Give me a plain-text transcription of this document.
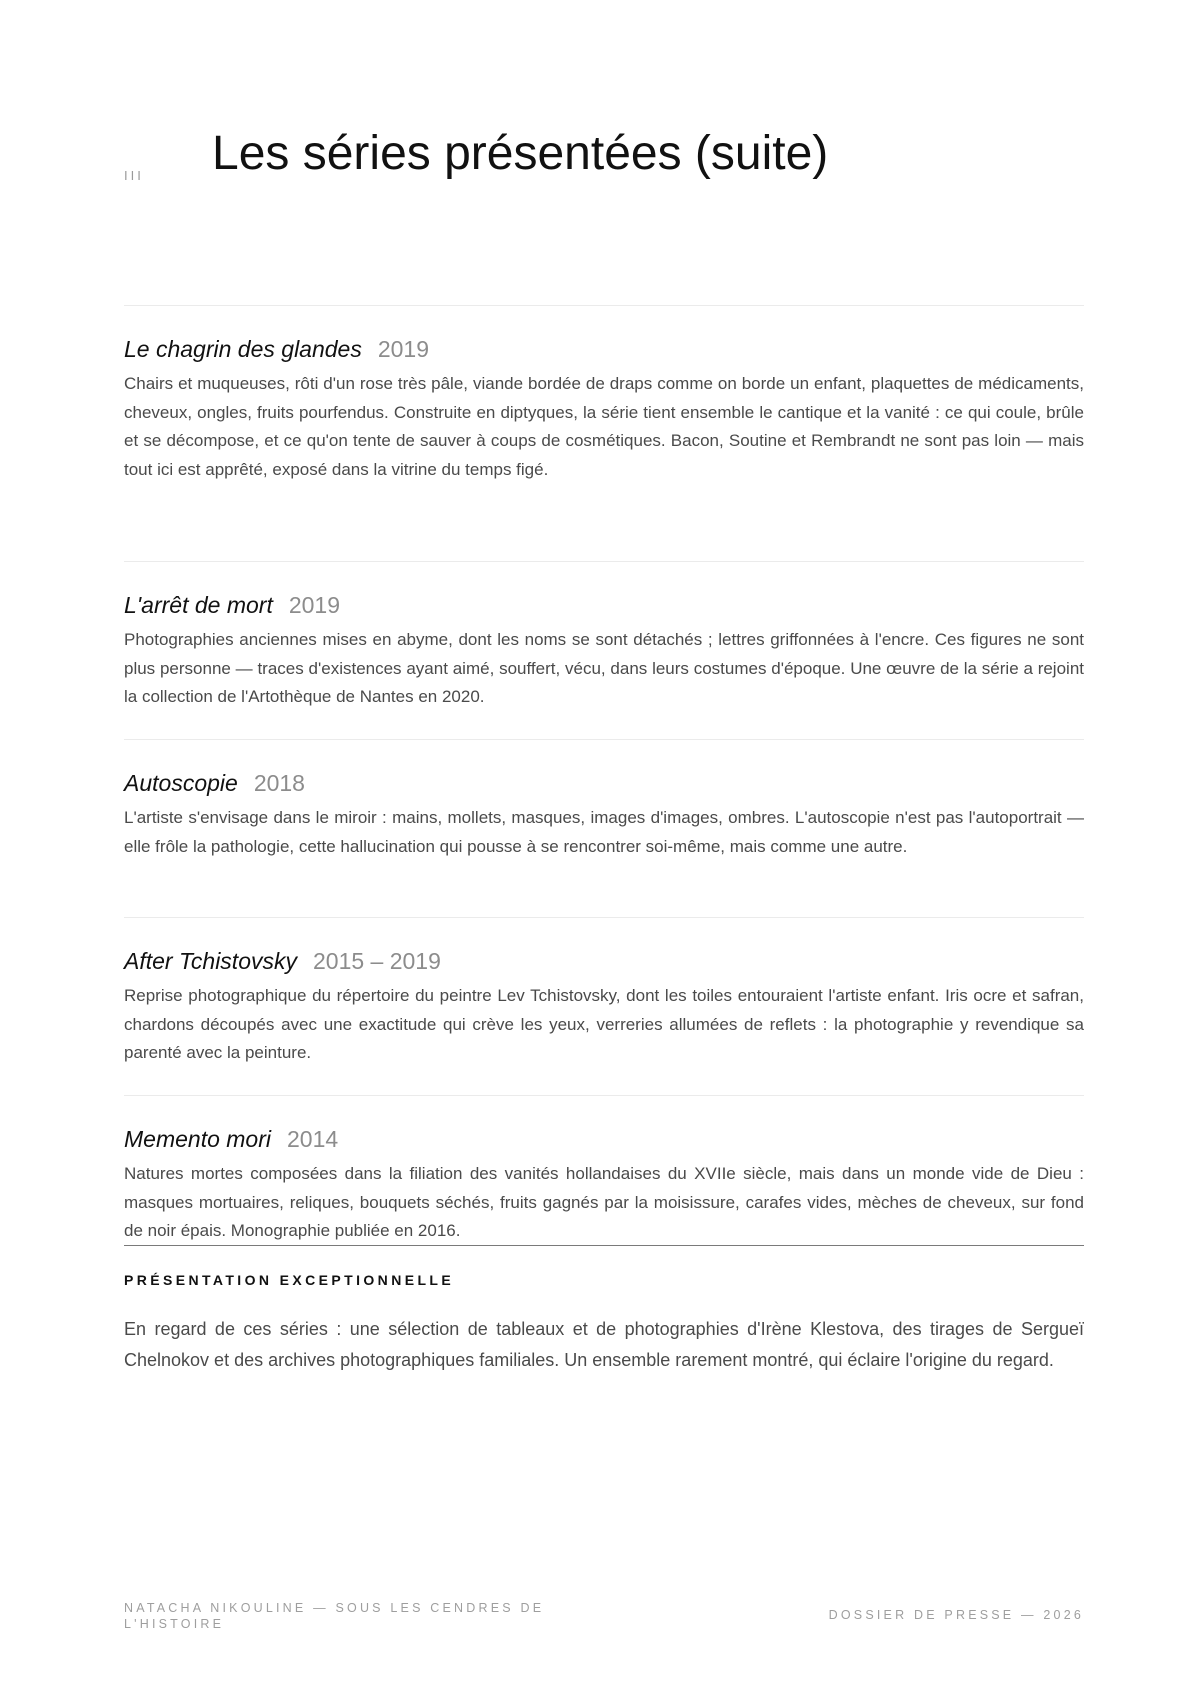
III Les séries présentées (suite)
Le chagrin des glandes 2019

Chairs et muqueuses, rôti d'un rose très pâle, viande bordée de draps comme on borde un enfant, plaquettes de médicaments, cheveux, ongles, fruits pourfendus. Construite en diptyques, la série tient ensemble le cantique et la vanité : ce qui coule, brûle et se décompose, et ce qu'on tente de sauver à coups de cosmétiques. Bacon, Soutine et Rembrandt ne sont pas loin — mais tout ici est apprêté, exposé dans la vitrine du temps figé.

L'arrêt de mort 2019

Photographies anciennes mises en abyme, dont les noms se sont détachés ; lettres griffonnées à l'encre. Ces figures ne sont plus personne — traces d'existences ayant aimé, souffert, vécu, dans leurs costumes d'époque. Une œuvre de la série a rejoint la collection de l'Artothèque de Nantes en 2020.

Autoscopie 2018

L'artiste s'envisage dans le miroir : mains, mollets, masques, images d'images, ombres. L'autoscopie n'est pas l'autoportrait — elle frôle la pathologie, cette hallucination qui pousse à se rencontrer soi-même, mais comme une autre.

After Tchistovsky 2015 – 2019

Reprise photographique du répertoire du peintre Lev Tchistovsky, dont les toiles entouraient l'artiste enfant. Iris ocre et safran, chardons découpés avec une exactitude qui crève les yeux, verreries allumées de reflets : la photographie y revendique sa parenté avec la peinture.

Memento mori 2014

Natures mortes composées dans la filiation des vanités hollandaises du XVIIe siècle, mais dans un monde vide de Dieu : masques mortuaires, reliques, bouquets séchés, fruits gagnés par la moisissure, carafes vides, mèches de cheveux, sur fond de noir épais. Monographie publiée en 2016.

PRÉSENTATION EXCEPTIONNELLE

En regard de ces séries : une sélection de tableaux et de photographies d'Irène Klestova, des tirages de Sergueï Chelnokov et des archives photographiques familiales. Un ensemble rarement montré, qui éclaire l'origine du regard.

NATACHA NIKOULINE — SOUS LES CENDRES DE L'HISTOIRE
DOSSIER DE PRESSE — 2026
